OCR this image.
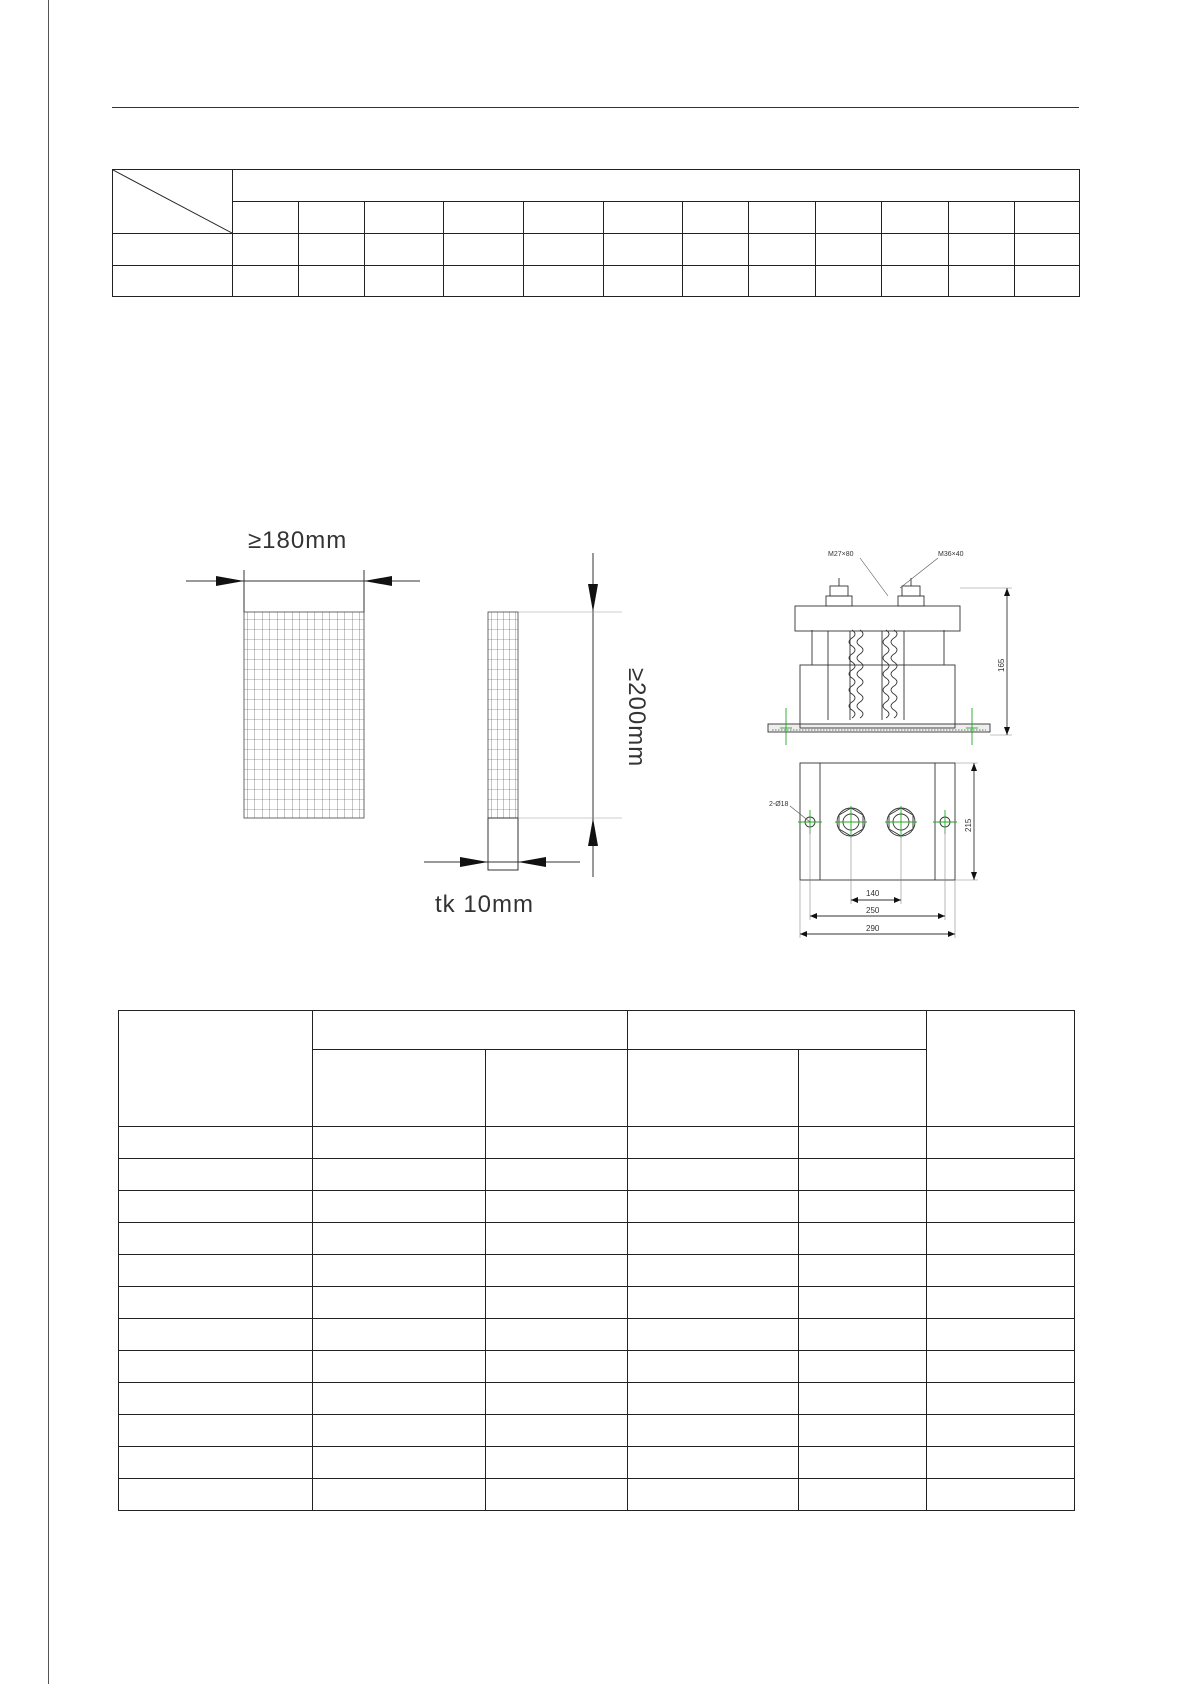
≥180mm
≥200mm
tk 10mm
M27×80	M36×40
165
2-Ø18
215
140
250
290
